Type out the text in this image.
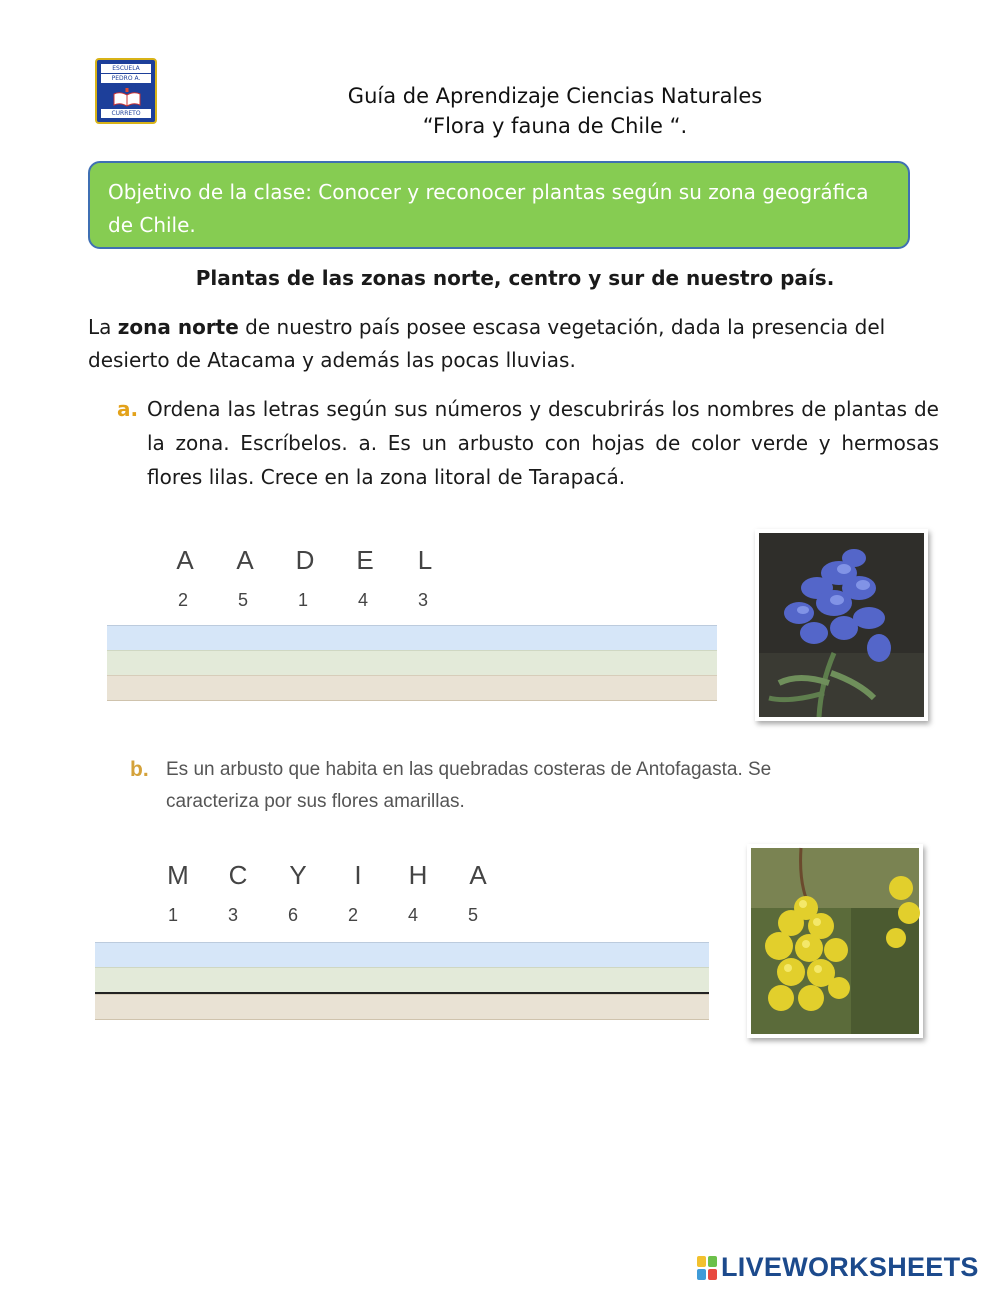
ESCUELA
PEDRO A. SEGUEL
CURRETO
Guía de Aprendizaje Ciencias Naturales
“Flora y fauna de Chile “.
Objetivo de la clase: Conocer y reconocer plantas según su zona geográfica de Chile.
Plantas de las zonas norte, centro y sur de nuestro país.
La zona norte de nuestro país posee escasa vegetación, dada la presencia del desierto de Atacama y además las pocas lluvias.
a. Ordena las letras según sus números y descubrirás los nombres de plantas de la zona. Escríbelos. a. Es un arbusto con hojas de color verde y hermosas flores lilas. Crece en la zona litoral de Tarapacá.
A	A	D	E	L
2	5	1	4	3
b. Es un arbusto que habita en las quebradas costeras de Antofagasta. Se caracteriza por sus flores amarillas.
M	C	Y	I	H	A
1	3	6	2	4	5
LIVEWORKSHEETS
